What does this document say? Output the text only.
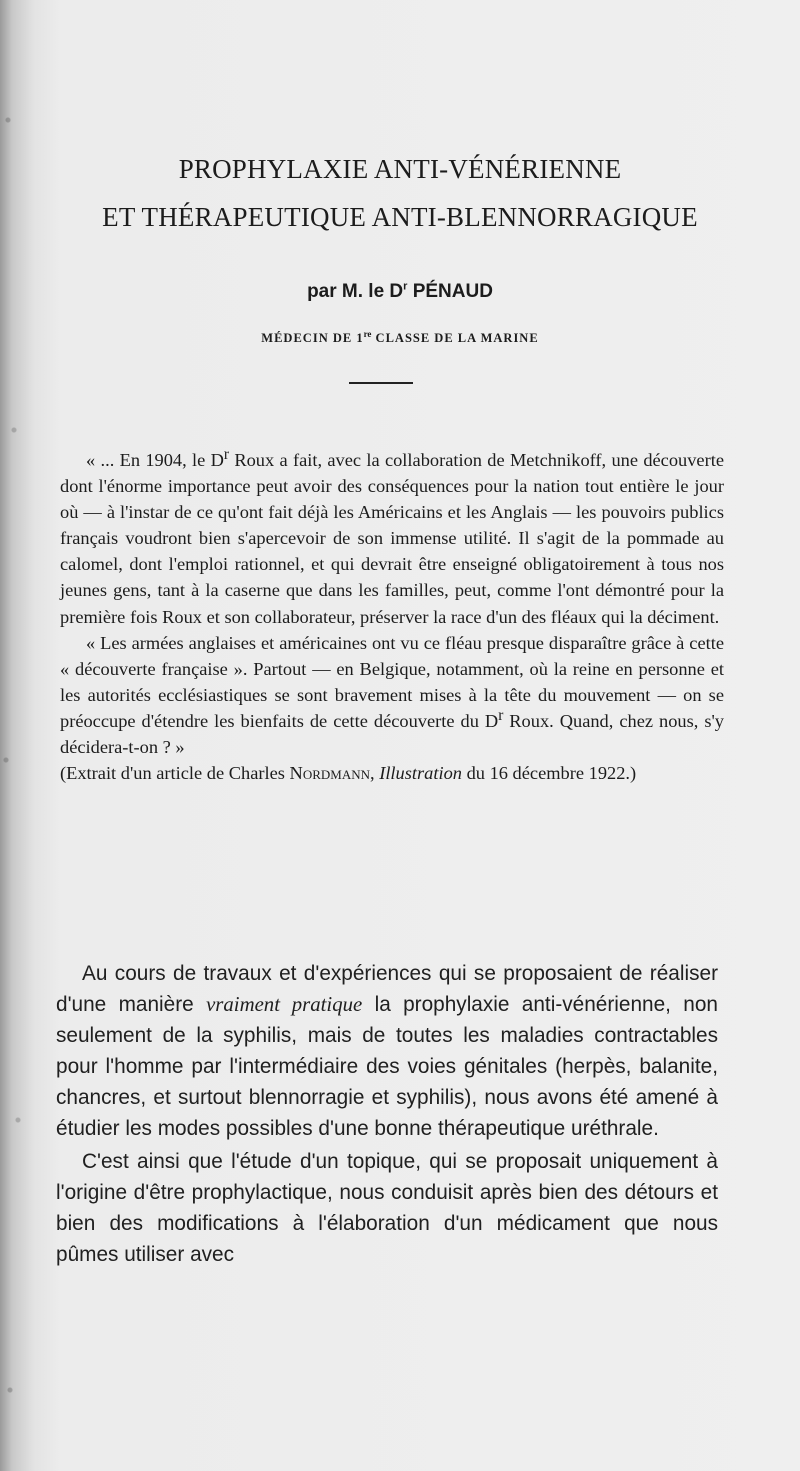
PROPHYLAXIE ANTI-VÉNÉRIENNE
ET THÉRAPEUTIQUE ANTI-BLENNORRAGIQUE
par M. le $D^r$ PÉNAUD
MÉDECIN DE 1re CLASSE DE LA MARINE

« ... En 1904, le $D^r$ Roux a fait, avec la collaboration de Metchnikoff, une découverte dont l'énorme importance peut avoir des conséquences pour la nation tout entière le jour où — à l'instar de ce qu'ont fait déjà les Américains et les Anglais — les pouvoirs publics français voudront bien s'apercevoir de son immense utilité. Il s'agit de la pommade au calomel, dont l'emploi rationnel, et qui devrait être enseigné obligatoirement à tous nos jeunes gens, tant à la caserne que dans les familles, peut, comme l'ont démontré pour la première fois Roux et son collaborateur, préserver la race d'un des fléaux qui la déciment.

« Les armées anglaises et américaines ont vu ce fléau presque disparaître grâce à cette « découverte française ». Partout — en Belgique, notamment, où la reine en personne et les autorités ecclésiastiques se sont bravement mises à la tête du mouvement — on se préoccupe d'étendre les bienfaits de cette découverte du $D^r$ Roux. Quand, chez nous, s'y décidera-t-on ? »

(Extrait d'un article de Charles Nordmann, Illustration du 16 décembre 1922.)

Au cours de travaux et d'expériences qui se proposaient de réaliser d'une manière vraiment pratique la prophylaxie anti-vénérienne, non seulement de la syphilis, mais de toutes les maladies contractables pour l'homme par l'intermédiaire des voies génitales (herpès, balanite, chancres, et surtout blennorragie et syphilis), nous avons été amené à étudier les modes possibles d'une bonne thérapeutique uréthrale.

C'est ainsi que l'étude d'un topique, qui se proposait uniquement à l'origine d'être prophylactique, nous conduisit après bien des détours et bien des modifications à l'élaboration d'un médicament que nous pûmes utiliser avec
